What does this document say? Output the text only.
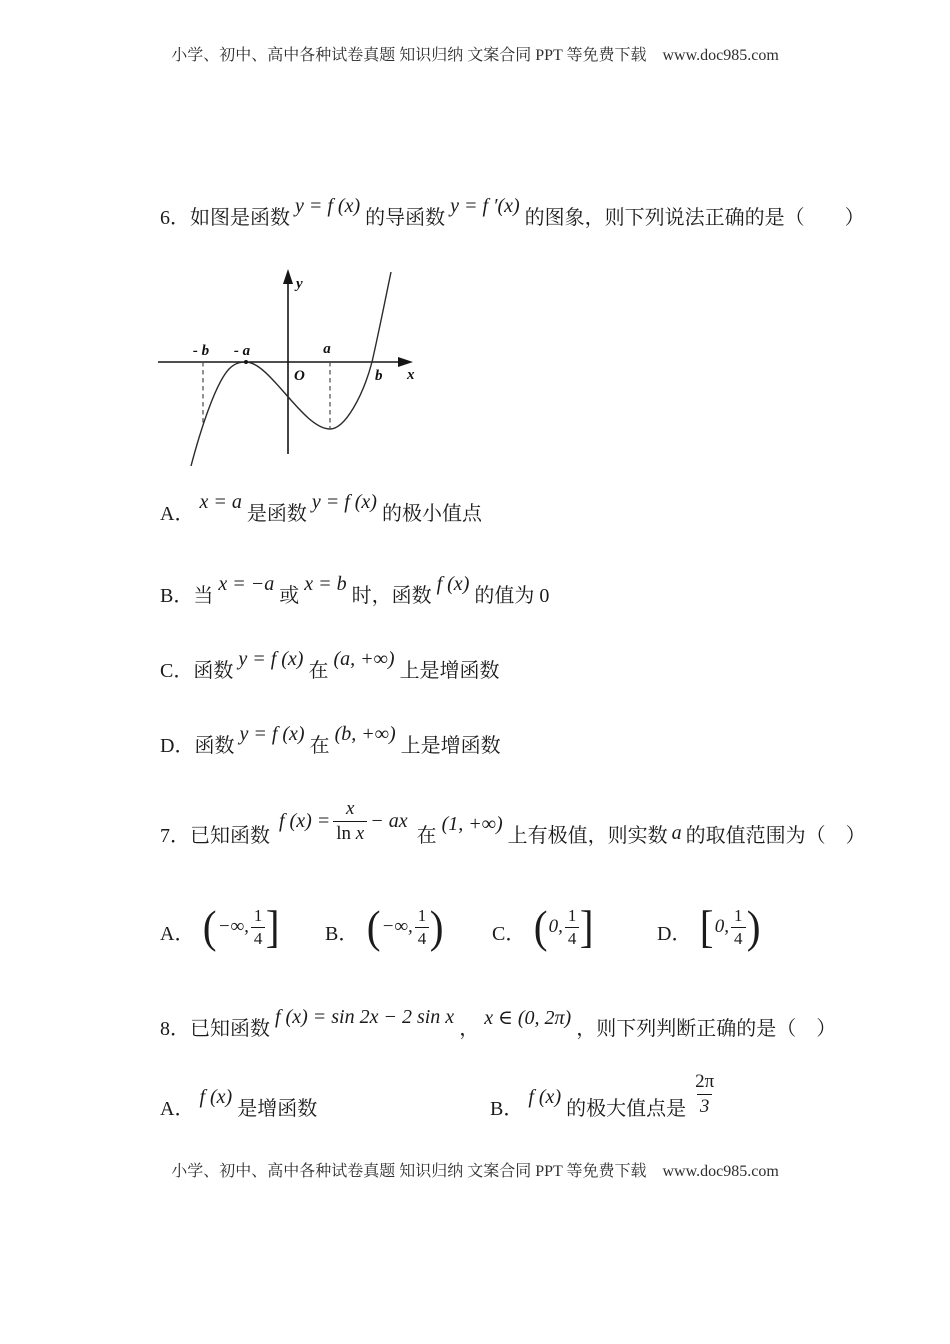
小学、初中、高中各种试卷真题 知识归纳 文案合同 PPT 等免费下载　www.doc985.com
6． 如图是函数
y = f (x)
的导函数
y = f ′(x)
的图象，则下列说法正确的是（　　）
y
x
O
- b - a	a
b
A．
x = a
是函数
y = f (x)
的极小值点
B． 当
x = −a
或
x = b
时，函数
f (x)
的值为 0
C． 函数
y = f (x)
在
(a, +∞)
上是增函数
D． 函数
y = f (x)
在
(b, +∞)
上是增函数
7． 已知函数
f $(x) = \frac{x}{\text{ln x}}$ − ax
在
(1, +∞)
上有极值，则实数 a 的取值范围为（　）
A． ( −∞, $\frac{1}{4}$ ] B． ( −∞, $\frac{1}{4}$ ) C． ( 0, $\frac{1}{4}$ ]	D． [ 0, $\frac{1}{4}$ )
8． 已知函数
f (x) = sin 2x − 2 sin x
， x ∈ (0, 2π) ， 则下列判断正确的是（　）
A．
f (x)
是增函数	B．
f (x)
的极大值点是 $\frac{2\pi}{3}$
小学、初中、高中各种试卷真题 知识归纳 文案合同 PPT 等免费下载　www.doc985.com
